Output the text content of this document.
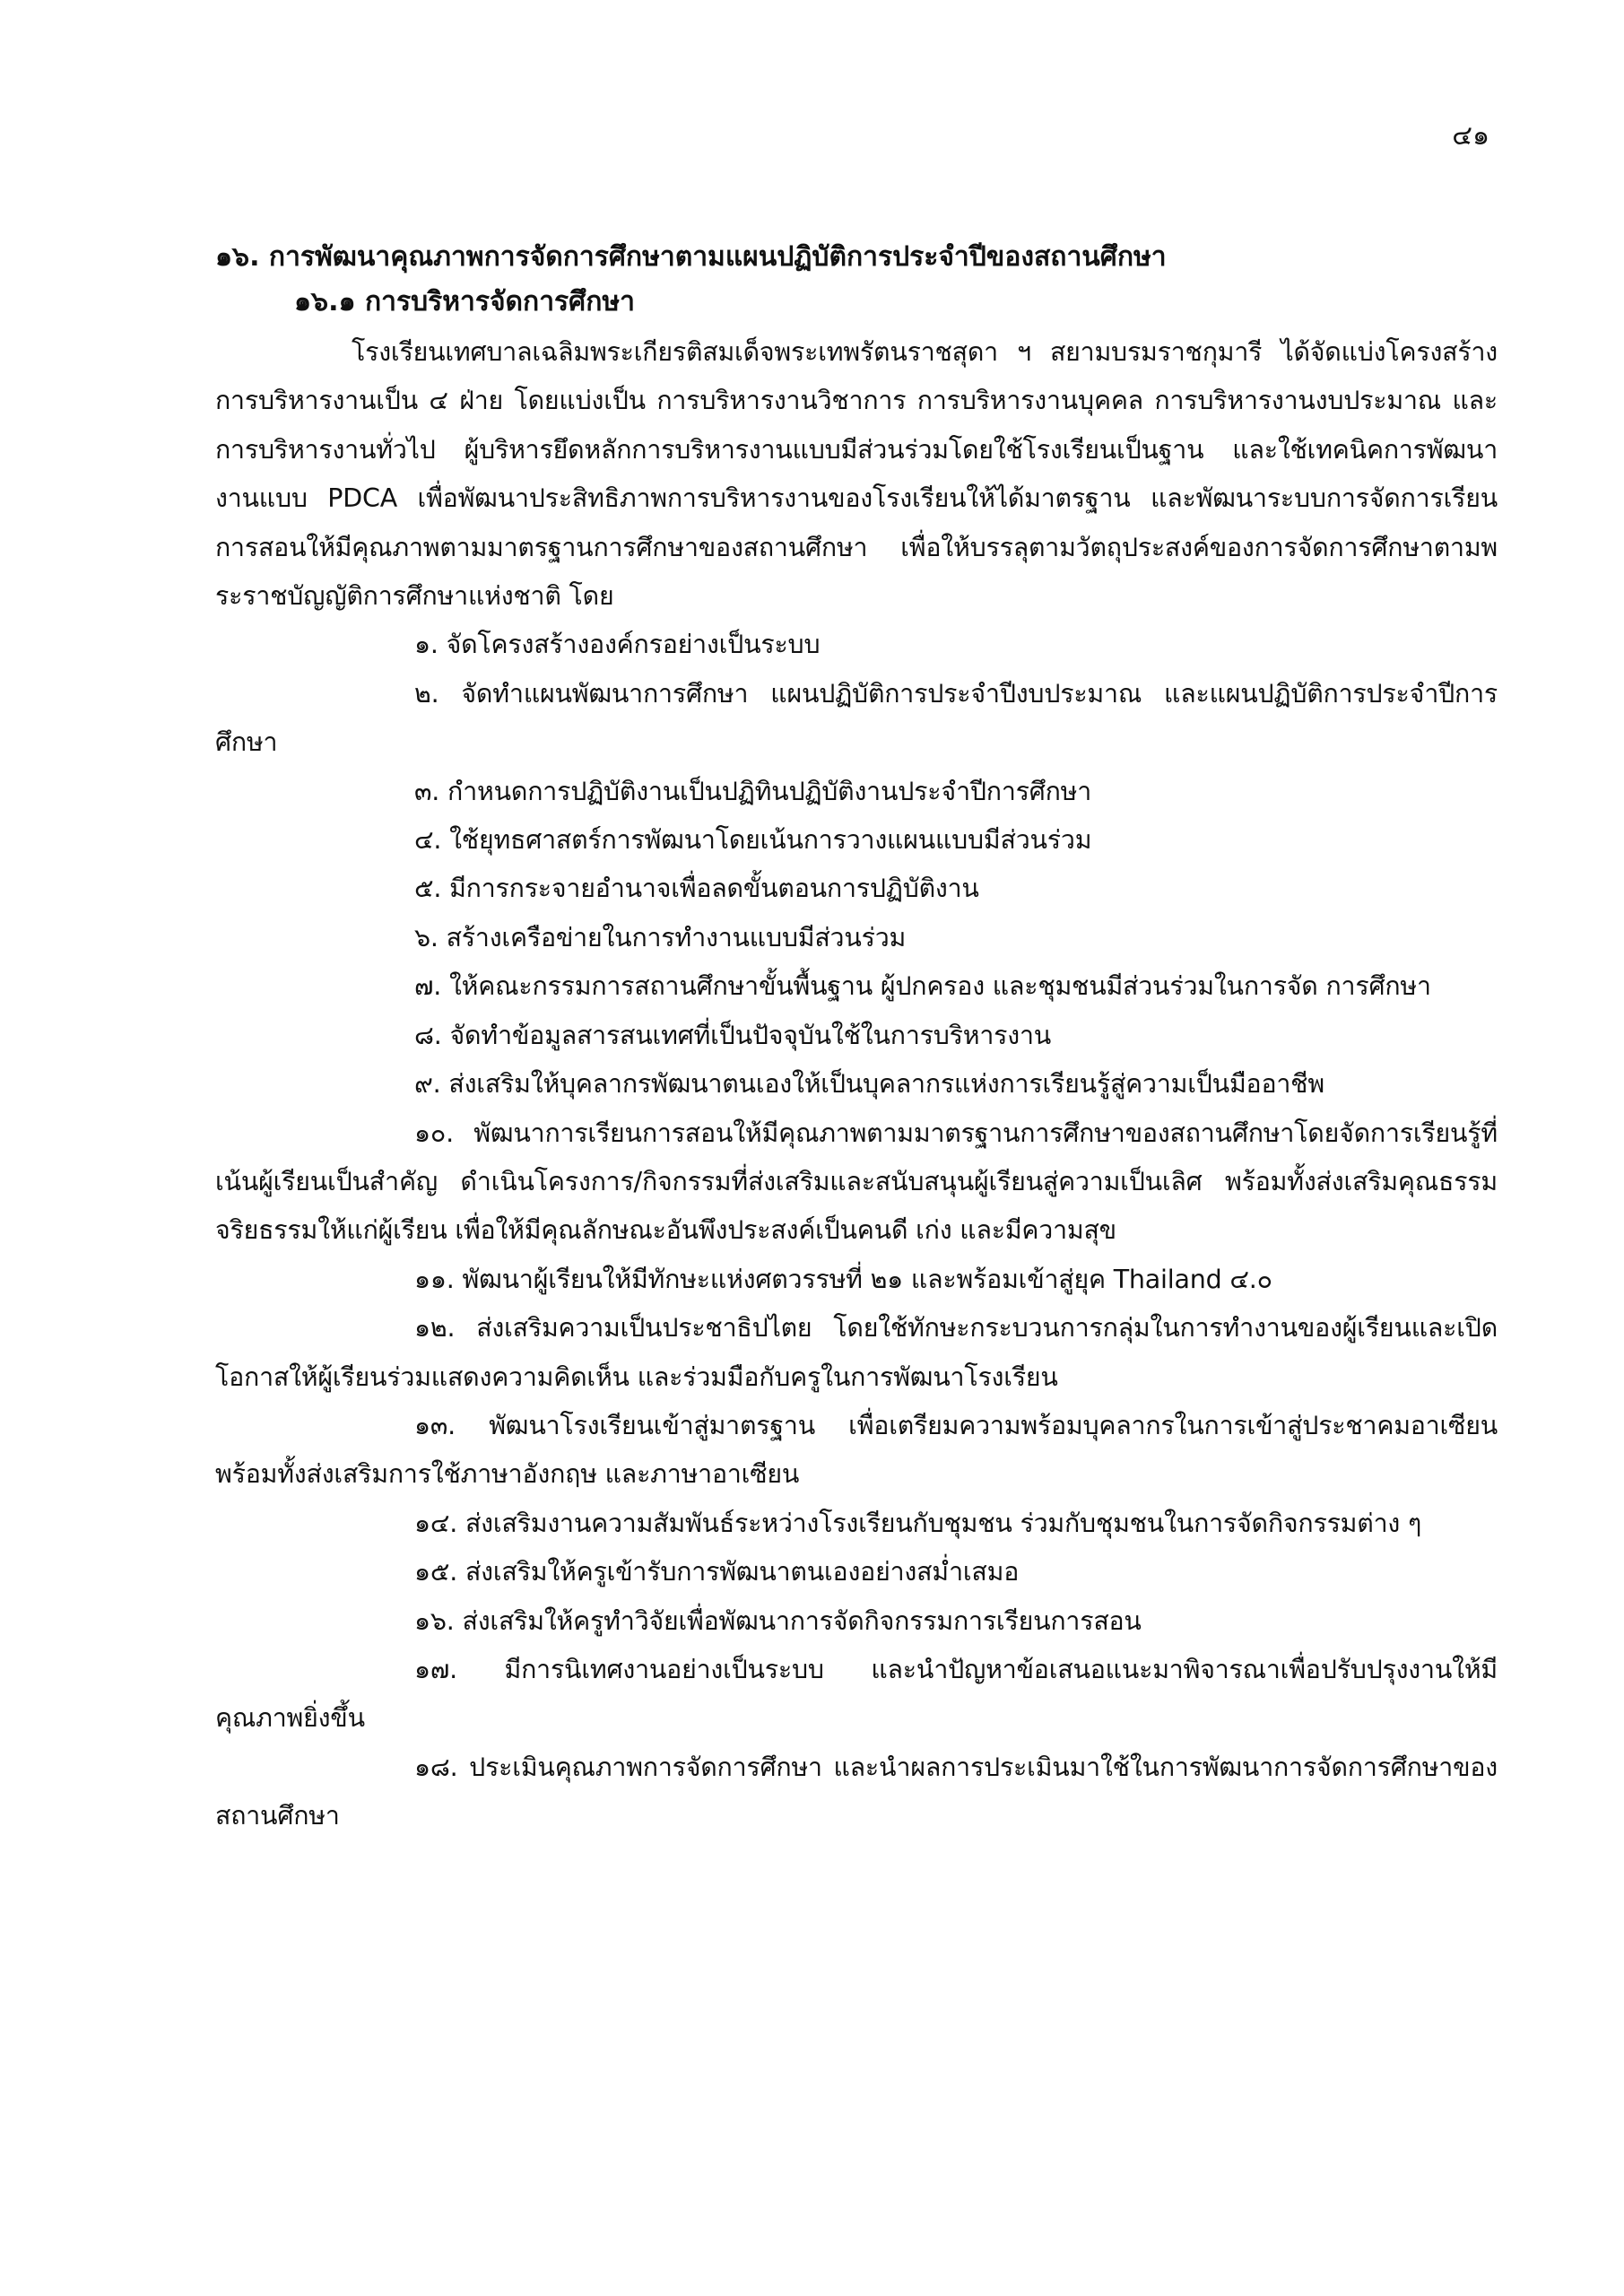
๔๑
๑๖. การพัฒนาคุณภาพการจัดการศึกษาตามแผนปฏิบัติการประจำปีของสถานศึกษา
๑๖.๑ การบริหารจัดการศึกษา

โรงเรียนเทศบาลเฉลิมพระเกียรติสมเด็จพระเทพรัตนราชสุดา ฯ สยามบรมราชกุมารี ได้จัดแบ่งโครงสร้างการบริหารงานเป็น ๔ ฝ่าย โดยแบ่งเป็น การบริหารงานวิชาการ การบริหารงานบุคคล การบริหารงานงบประมาณ และการบริหารงานทั่วไป ผู้บริหารยึดหลักการบริหารงานแบบมีส่วนร่วมโดยใช้โรงเรียนเป็นฐาน และใช้เทคนิคการพัฒนางานแบบ PDCA เพื่อพัฒนาประสิทธิภาพการบริหารงานของโรงเรียนให้ได้มาตรฐาน และพัฒนาระบบการจัดการเรียนการสอนให้มีคุณภาพตามมาตรฐานการศึกษาของสถานศึกษา เพื่อให้บรรลุตามวัตถุประสงค์ของการจัดการศึกษาตามพระราชบัญญัติการศึกษาแห่งชาติ โดย

๑. จัดโครงสร้างองค์กรอย่างเป็นระบบ

๒. จัดทำแผนพัฒนาการศึกษา แผนปฏิบัติการประจำปีงบประมาณ และแผนปฏิบัติการประจำปีการศึกษา

๓. กำหนดการปฏิบัติงานเป็นปฏิทินปฏิบัติงานประจำปีการศึกษา

๔. ใช้ยุทธศาสตร์การพัฒนาโดยเน้นการวางแผนแบบมีส่วนร่วม

๕. มีการกระจายอำนาจเพื่อลดขั้นตอนการปฏิบัติงาน

๖. สร้างเครือข่ายในการทำงานแบบมีส่วนร่วม

๗. ให้คณะกรรมการสถานศึกษาขั้นพื้นฐาน ผู้ปกครอง และชุมชนมีส่วนร่วมในการจัด การศึกษา

๘. จัดทำข้อมูลสารสนเทศที่เป็นปัจจุบันใช้ในการบริหารงาน

๙. ส่งเสริมให้บุคลากรพัฒนาตนเองให้เป็นบุคลากรแห่งการเรียนรู้สู่ความเป็นมืออาชีพ

๑๐. พัฒนาการเรียนการสอนให้มีคุณภาพตามมาตรฐานการศึกษาของสถานศึกษาโดยจัดการเรียนรู้ที่เน้นผู้เรียนเป็นสำคัญ ดำเนินโครงการ/กิจกรรมที่ส่งเสริมและสนับสนุนผู้เรียนสู่ความเป็นเลิศ พร้อมทั้งส่งเสริมคุณธรรม จริยธรรมให้แก่ผู้เรียน เพื่อให้มีคุณลักษณะอันพึงประสงค์เป็นคนดี เก่ง และมีความสุข

๑๑. พัฒนาผู้เรียนให้มีทักษะแห่งศตวรรษที่ ๒๑ และพร้อมเข้าสู่ยุค Thailand ๔.๐

๑๒. ส่งเสริมความเป็นประชาธิปไตย โดยใช้ทักษะกระบวนการกลุ่มในการทำงานของผู้เรียนและเปิดโอกาสให้ผู้เรียนร่วมแสดงความคิดเห็น และร่วมมือกับครูในการพัฒนาโรงเรียน

๑๓. พัฒนาโรงเรียนเข้าสู่มาตรฐาน เพื่อเตรียมความพร้อมบุคลากรในการเข้าสู่ประชาคมอาเซียน พร้อมทั้งส่งเสริมการใช้ภาษาอังกฤษ และภาษาอาเซียน

๑๔. ส่งเสริมงานความสัมพันธ์ระหว่างโรงเรียนกับชุมชน ร่วมกับชุมชนในการจัดกิจกรรมต่าง ๆ

๑๕. ส่งเสริมให้ครูเข้ารับการพัฒนาตนเองอย่างสม่ำเสมอ

๑๖. ส่งเสริมให้ครูทำวิจัยเพื่อพัฒนาการจัดกิจกรรมการเรียนการสอน

๑๗. มีการนิเทศงานอย่างเป็นระบบ และนำปัญหาข้อเสนอแนะมาพิจารณาเพื่อปรับปรุงงานให้มีคุณภาพยิ่งขึ้น

๑๘. ประเมินคุณภาพการจัดการศึกษา และนำผลการประเมินมาใช้ในการพัฒนาการจัดการศึกษาของสถานศึกษา
